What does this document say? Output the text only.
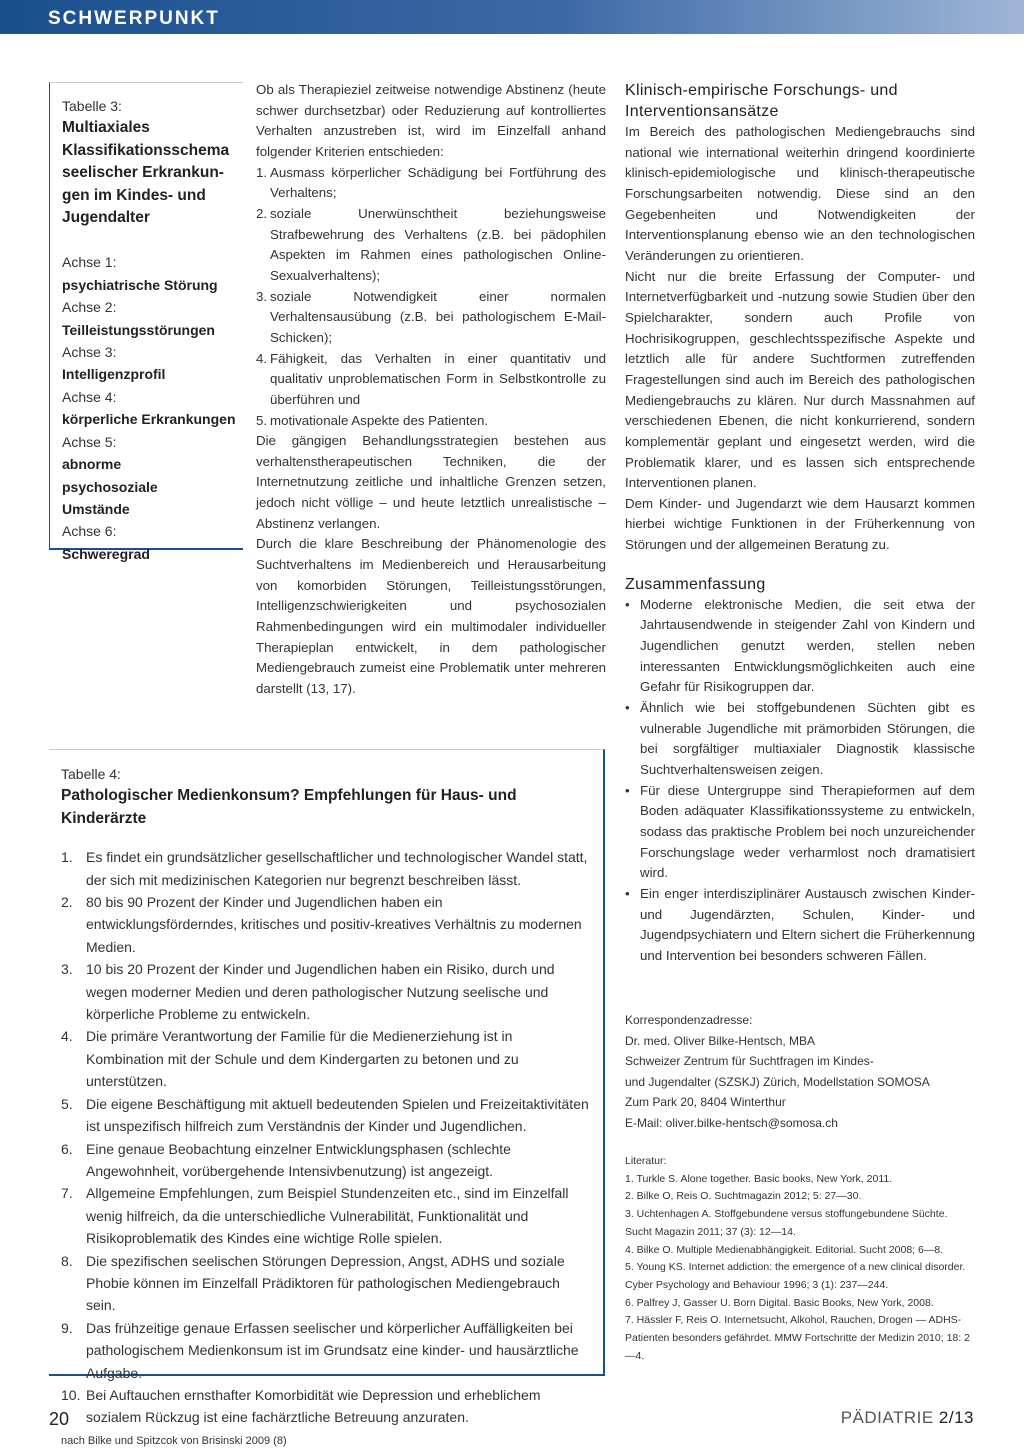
SCHWERPUNKT
Tabelle 3:
Multiaxiales Klassifikationsschema seelischer Erkrankun-
gen im Kindes- und Jugendalter
Achse 1:
psychiatrische Störung
Achse 2:
Teilleistungsstörungen
Achse 3:
Intelligenzprofil
Achse 4:
körperliche Erkrankungen
Achse 5:
abnorme psychosoziale Umstände
Achse 6:
Schweregrad

Ob als Therapieziel zeitweise notwendige Abstinenz (heute schwer durchsetzbar) oder Reduzierung auf kontrolliertes Verhalten anzustreben ist, wird im Einzelfall anhand folgender Kriterien entschieden:

1. Ausmass körperlicher Schädigung bei Fortführung des Verhaltens;
2. soziale Unerwünschtheit beziehungsweise Strafbewehrung des Verhaltens (z.B. bei pädophilen Aspekten im Rahmen eines pathologischen Online-Sexualverhaltens);
3. soziale Notwendigkeit einer normalen Verhaltensausübung (z.B. bei pathologischem E-Mail-Schicken);
4. Fähigkeit, das Verhalten in einer quantitativ und qualitativ unproblematischen Form in Selbstkontrolle zu überführen und
5. motivationale Aspekte des Patienten.

Die gängigen Behandlungsstrategien bestehen aus verhaltenstherapeutischen Techniken, die der Internetnutzung zeitliche und inhaltliche Grenzen setzen, jedoch nicht völlige – und heute letztlich unrealistische – Abstinenz verlangen.

Durch die klare Beschreibung der Phänomenologie des Suchtverhaltens im Medienbereich und Herausarbeitung von komorbiden Störungen, Teilleistungsstörungen, Intelligenzschwierigkeiten und psychosozialen Rahmenbedingungen wird ein multimodaler individueller Therapieplan entwickelt, in dem pathologischer Mediengebrauch zumeist eine Problematik unter mehreren darstellt (13, 17).

Klinisch-empirische Forschungs- und Interventionsansätze

Im Bereich des pathologischen Mediengebrauchs sind national wie international weiterhin dringend koordinierte klinisch-epidemiologische und klinisch-therapeutische Forschungsarbeiten notwendig. Diese sind an den Gegebenheiten und Notwendigkeiten der Interventionsplanung ebenso wie an den technologischen Veränderungen zu orientieren.

Nicht nur die breite Erfassung der Computer- und Internetverfügbarkeit und -nutzung sowie Studien über den Spielcharakter, sondern auch Profile von Hochrisikogruppen, geschlechtsspezifische Aspekte und letztlich alle für andere Suchtformen zutreffenden Fragestellungen sind auch im Bereich des pathologischen Mediengebrauchs zu klären. Nur durch Massnahmen auf verschiedenen Ebenen, die nicht konkurrierend, sondern komplementär geplant und eingesetzt werden, wird die Problematik klarer, und es lassen sich entsprechende Interventionen planen.

Dem Kinder- und Jugendarzt wie dem Hausarzt kommen hierbei wichtige Funktionen in der Früherkennung von Störungen und der allgemeinen Beratung zu.

Zusammenfassung
• Moderne elektronische Medien, die seit etwa der Jahrtausendwende in steigender Zahl von Kindern und Jugendlichen genutzt werden, stellen neben interessanten Entwicklungsmöglichkeiten auch eine Gefahr für Risikogruppen dar.
• Ähnlich wie bei stoffgebundenen Süchten gibt es vulnerable Jugendliche mit prämorbiden Störungen, die bei sorgfältiger multiaxialer Diagnostik klassische Suchtverhaltensweisen zeigen.
• Für diese Untergruppe sind Therapieformen auf dem Boden adäquater Klassifikationssysteme zu entwickeln, sodass das praktische Problem bei noch unzureichender Forschungslage weder verharmlost noch dramatisiert wird.
• Ein enger interdisziplinärer Austausch zwischen Kinder- und Jugendärzten, Schulen, Kinder- und Jugendpsychiatern und Eltern sichert die Früherkennung und Intervention bei besonders schweren Fällen.
Korrespondenzadresse:
Dr. med. Oliver Bilke-Hentsch, MBA
Schweizer Zentrum für Suchtfragen im Kindes-
und Jugendalter (SZSKJ) Zürich, Modellstation SOMOSA
Zum Park 20, 8404 Winterthur
E-Mail: oliver.bilke-hentsch@somosa.ch
Literatur:
1. Turkle S. Alone together. Basic books, New York, 2011.
2. Bilke O, Reis O. Suchtmagazin 2012; 5: 27—30.
3. Uchtenhagen A. Stoffgebundene versus stoffungebundene Süchte. Sucht Magazin 2011; 37 (3): 12—14.
4. Bilke O. Multiple Medienabhängigkeit. Editorial. Sucht 2008; 6—8.
5. Young KS. Internet addiction: the emergence of a new clinical disorder. Cyber Psychology and Behaviour 1996; 3 (1): 237—244.
6. Palfrey J, Gasser U. Born Digital. Basic Books, New York, 2008.
7. Hässler F, Reis O. Internetsucht, Alkohol, Rauchen, Drogen — ADHS-Patienten besonders gefährdet. MMW Fortschritte der Medizin 2010; 18: 2—4.
Tabelle 4:
Pathologischer Medienkonsum? Empfehlungen für Haus- und Kinderärzte
1. Es findet ein grundsätzlicher gesellschaftlicher und technologischer Wandel statt, der sich mit medizinischen Kategorien nur begrenzt beschreiben lässt.
2. 80 bis 90 Prozent der Kinder und Jugendlichen haben ein entwicklungsförderndes, kritisches und positiv-kreatives Verhältnis zu modernen Medien.
3. 10 bis 20 Prozent der Kinder und Jugendlichen haben ein Risiko, durch und wegen moderner Medien und deren pathologischer Nutzung seelische und körperliche Probleme zu entwickeln.
4. Die primäre Verantwortung der Familie für die Medienerziehung ist in Kombination mit der Schule und dem Kindergarten zu betonen und zu unterstützen.
5. Die eigene Beschäftigung mit aktuell bedeutenden Spielen und Freizeitaktivitäten ist unspezifisch hilfreich zum Verständnis der Kinder und Jugendlichen.
6. Eine genaue Beobachtung einzelner Entwicklungsphasen (schlechte Angewohnheit, vorübergehende Intensivbenutzung) ist angezeigt.
7. Allgemeine Empfehlungen, zum Beispiel Stundenzeiten etc., sind im Einzelfall wenig hilfreich, da die unterschiedliche Vulnerabilität, Funktionalität und Risikoproblematik des Kindes eine wichtige Rolle spielen.
8. Die spezifischen seelischen Störungen Depression, Angst, ADHS und soziale Phobie können im Einzelfall Prädiktoren für pathologischen Mediengebrauch sein.
9. Das frühzeitige genaue Erfassen seelischer und körperlicher Auffälligkeiten bei pathologischem Medienkonsum ist im Grundsatz eine kinder- und hausärztliche Aufgabe.
10. Bei Auftauchen ernsthafter Komorbidität wie Depression und erheblichem sozialem Rückzug ist eine fachärztliche Betreuung anzuraten.
nach Bilke und Spitzcok von Brisinski 2009 (8)
20	PÄDIATRIE 2/13
